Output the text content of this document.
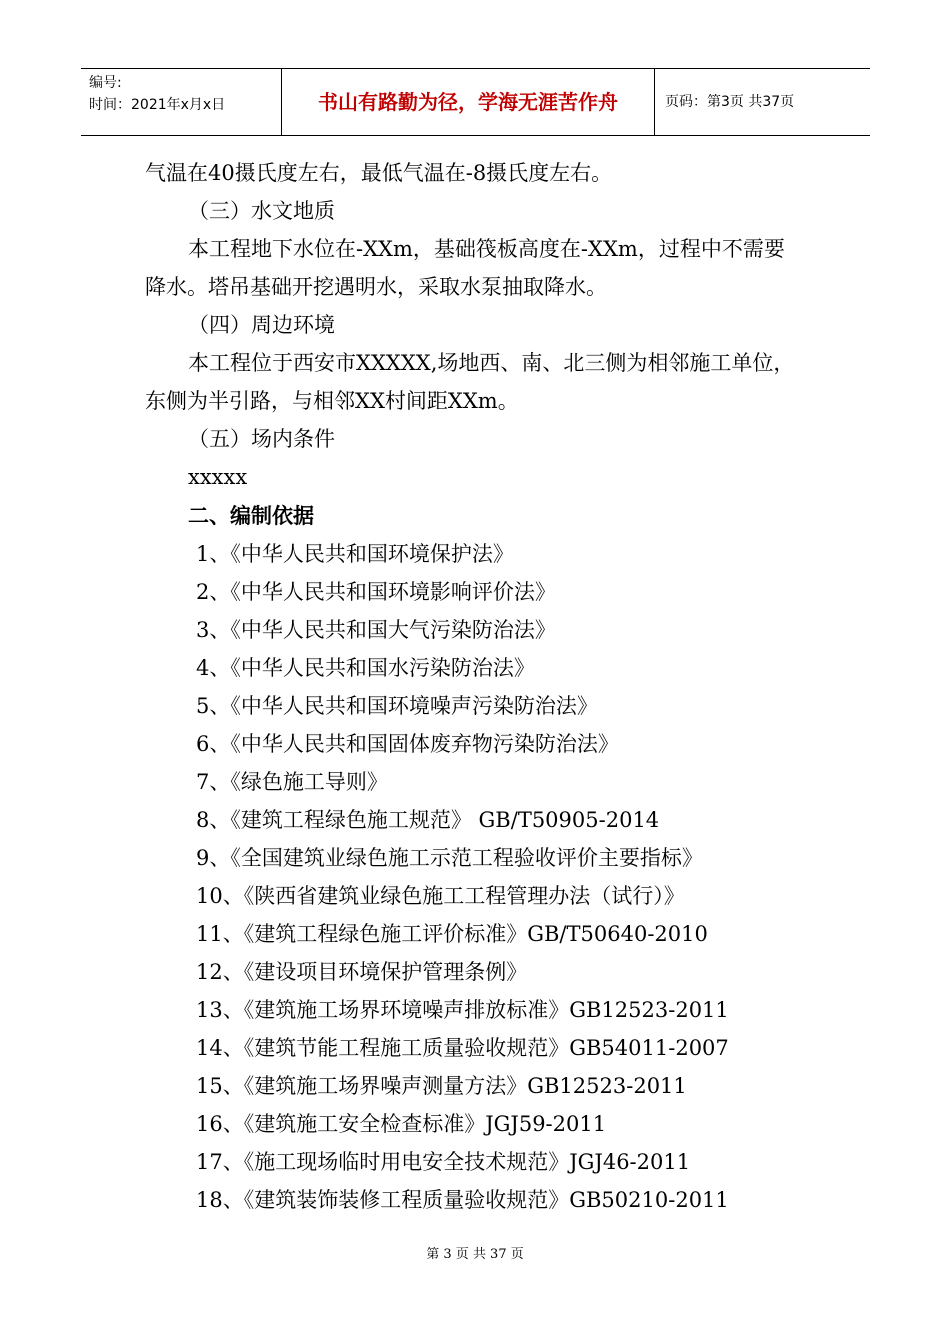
编号:
时间：2021年x月x日	书山有路勤为径，学海无涯苦作舟	页码：第3页 共37页
气温在40摄氏度左右，最低气温在-8摄氏度左右。
（三）水文地质
本工程地下水位在-XXm，基础筏板高度在-XXm，过程中不需要
降水。塔吊基础开挖遇明水，采取水泵抽取降水。
（四）周边环境
本工程位于西安市XXXXX,场地西、南、北三侧为相邻施工单位，
东侧为半引路，与相邻XX村间距XXm。
（五）场内条件
xxxxx
二、编制依据
1、《中华人民共和国环境保护法》
2、《中华人民共和国环境影响评价法》
3、《中华人民共和国大气污染防治法》
4、《中华人民共和国水污染防治法》
5、《中华人民共和国环境噪声污染防治法》
6、《中华人民共和国固体废弃物污染防治法》
7、《绿色施工导则》
8、《建筑工程绿色施工规范》 GB/T50905-2014
9、《全国建筑业绿色施工示范工程验收评价主要指标》
10、《陕西省建筑业绿色施工工程管理办法（试行）》
11、《建筑工程绿色施工评价标准》GB/T50640-2010
12、《建设项目环境保护管理条例》
13、《建筑施工场界环境噪声排放标准》GB12523-2011
14、《建筑节能工程施工质量验收规范》GB54011-2007
15、《建筑施工场界噪声测量方法》GB12523-2011
16、《建筑施工安全检查标准》JGJ59-2011
17、《施工现场临时用电安全技术规范》JGJ46-2011
18、《建筑装饰装修工程质量验收规范》GB50210-2011
第 3 页 共 37 页
